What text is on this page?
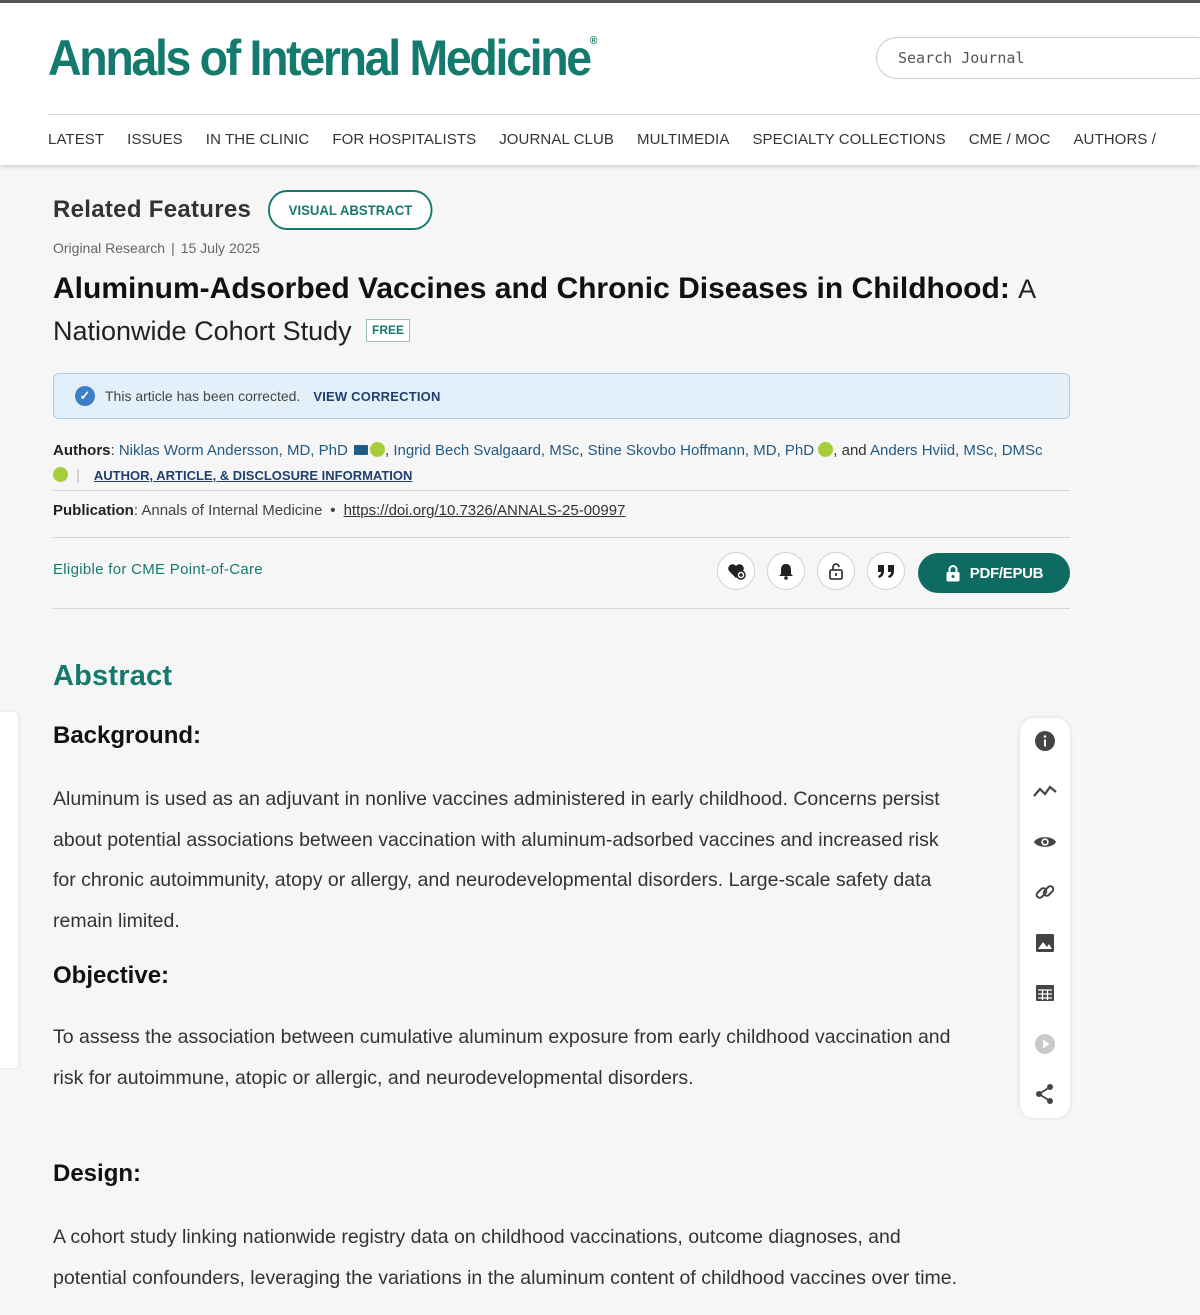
Annals of Internal Medicine®
Search Journal
LATEST ISSUES IN THE CLINIC FOR HOSPITALISTS JOURNAL CLUB MULTIMEDIA SPECIALTY COLLECTIONS CME / MOC AUTHORS /
Related Features	VISUAL ABSTRACT
Original Research | 15 July 2025
Aluminum-Adsorbed Vaccines and Chronic Diseases in Childhood: A Nationwide Cohort Study FREE
✓	This article has been corrected. VIEW CORRECTION
Authors: Niklas Worm Andersson, MD, PhD , Ingrid Bech Svalgaard, MSc, Stine Skovbo Hoffmann, MD, PhD , and Anders Hviid, MSc, DMSc | AUTHOR, ARTICLE, & DISCLOSURE INFORMATION
Publication: Annals of Internal Medicine • https://doi.org/10.7326/ANNALS-25-00997
Eligible for CME Point-of-Care	PDF/EPUB
Abstract
Background:

Aluminum is used as an adjuvant in nonlive vaccines administered in early childhood. Concerns persist about potential associations between vaccination with aluminum-adsorbed vaccines and increased risk for chronic autoimmunity, atopy or allergy, and neurodevelopmental disorders. Large-scale safety data remain limited.

Objective:

To assess the association between cumulative aluminum exposure from early childhood vaccination and risk for autoimmune, atopic or allergic, and neurodevelopmental disorders.

Design:

A cohort study linking nationwide registry data on childhood vaccinations, outcome diagnoses, and potential confounders, leveraging the variations in the aluminum content of childhood vaccines over time.
